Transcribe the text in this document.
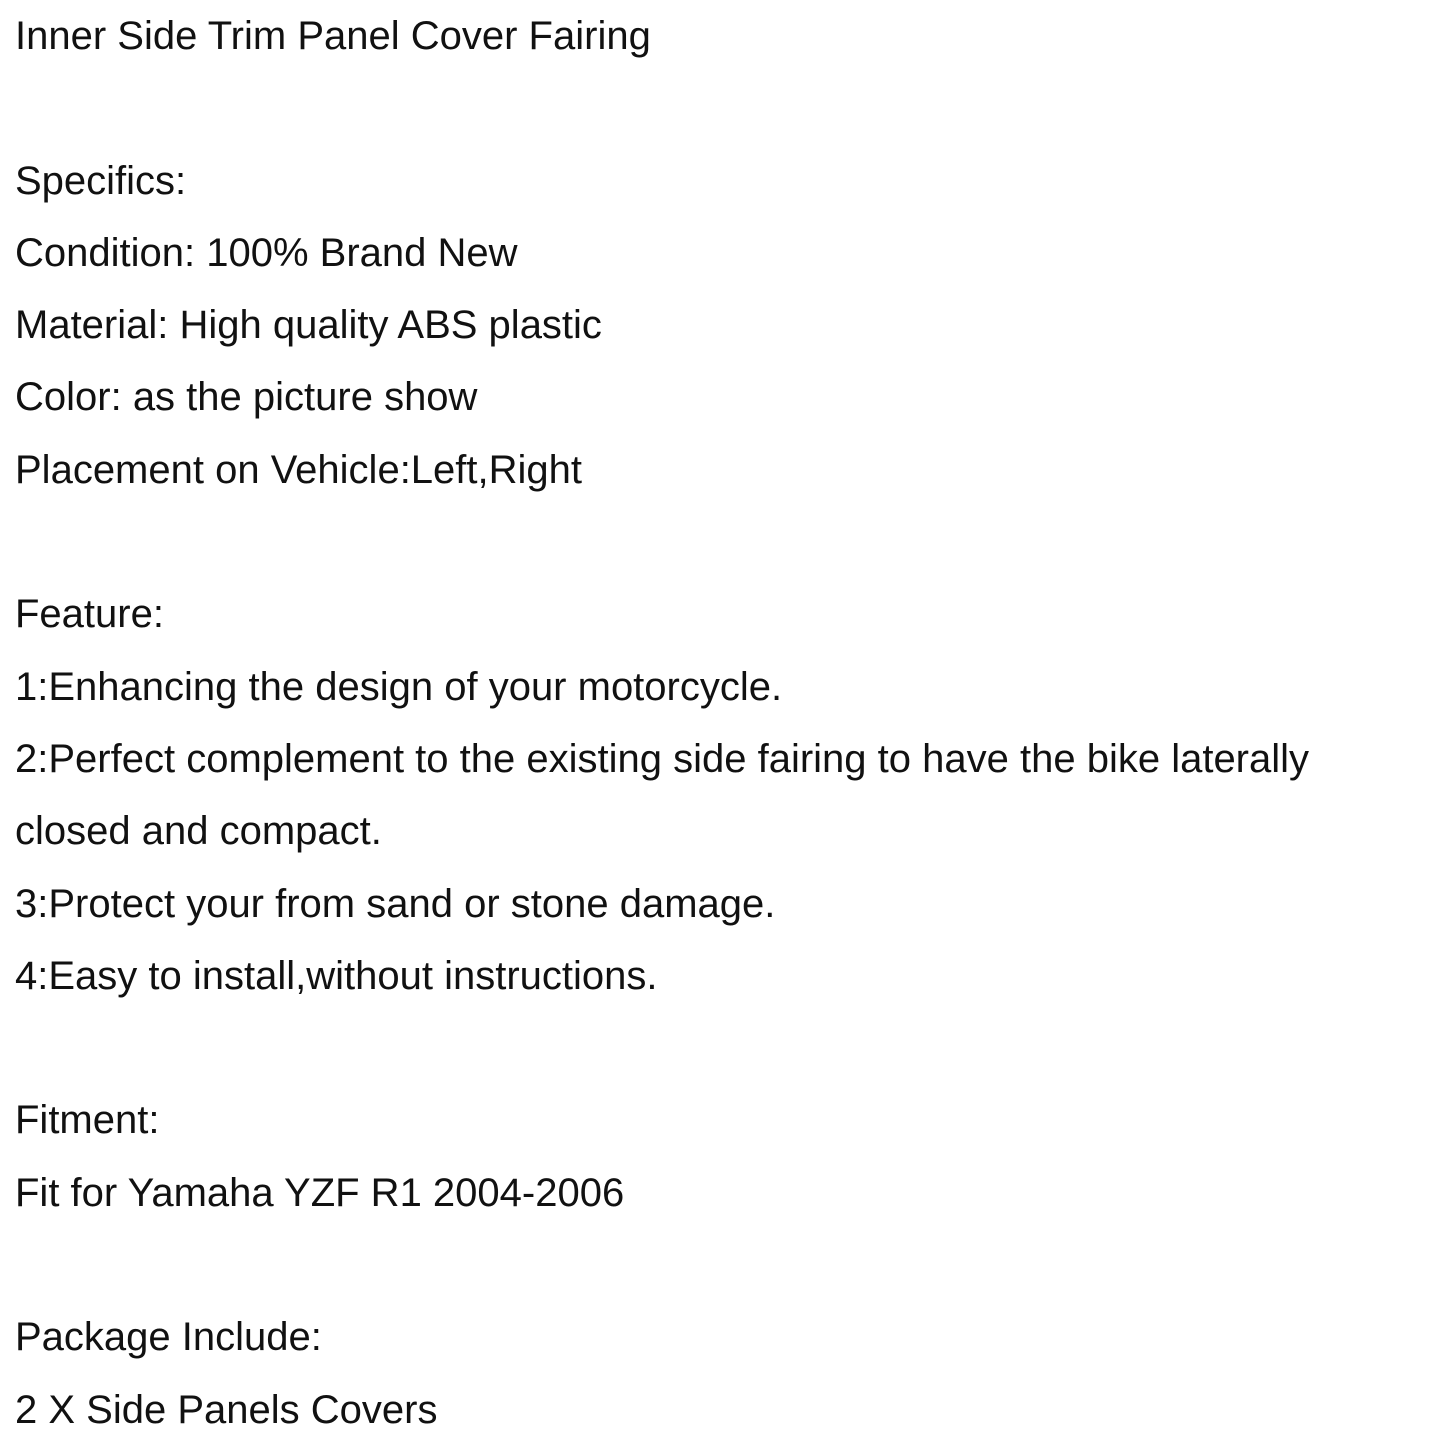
Inner Side Trim Panel Cover Fairing
Specifics:
Condition: 100% Brand New
Material: High quality ABS plastic
Color: as the picture show
Placement on Vehicle:Left,Right
Feature:
1:Enhancing the design of your motorcycle.
2:Perfect complement to the existing side fairing to have the bike laterally
closed and compact.
3:Protect your from sand or stone damage.
4:Easy to install,without instructions.
Fitment:
Fit for Yamaha YZF R1 2004-2006
Package Include:
2 X Side Panels Covers
